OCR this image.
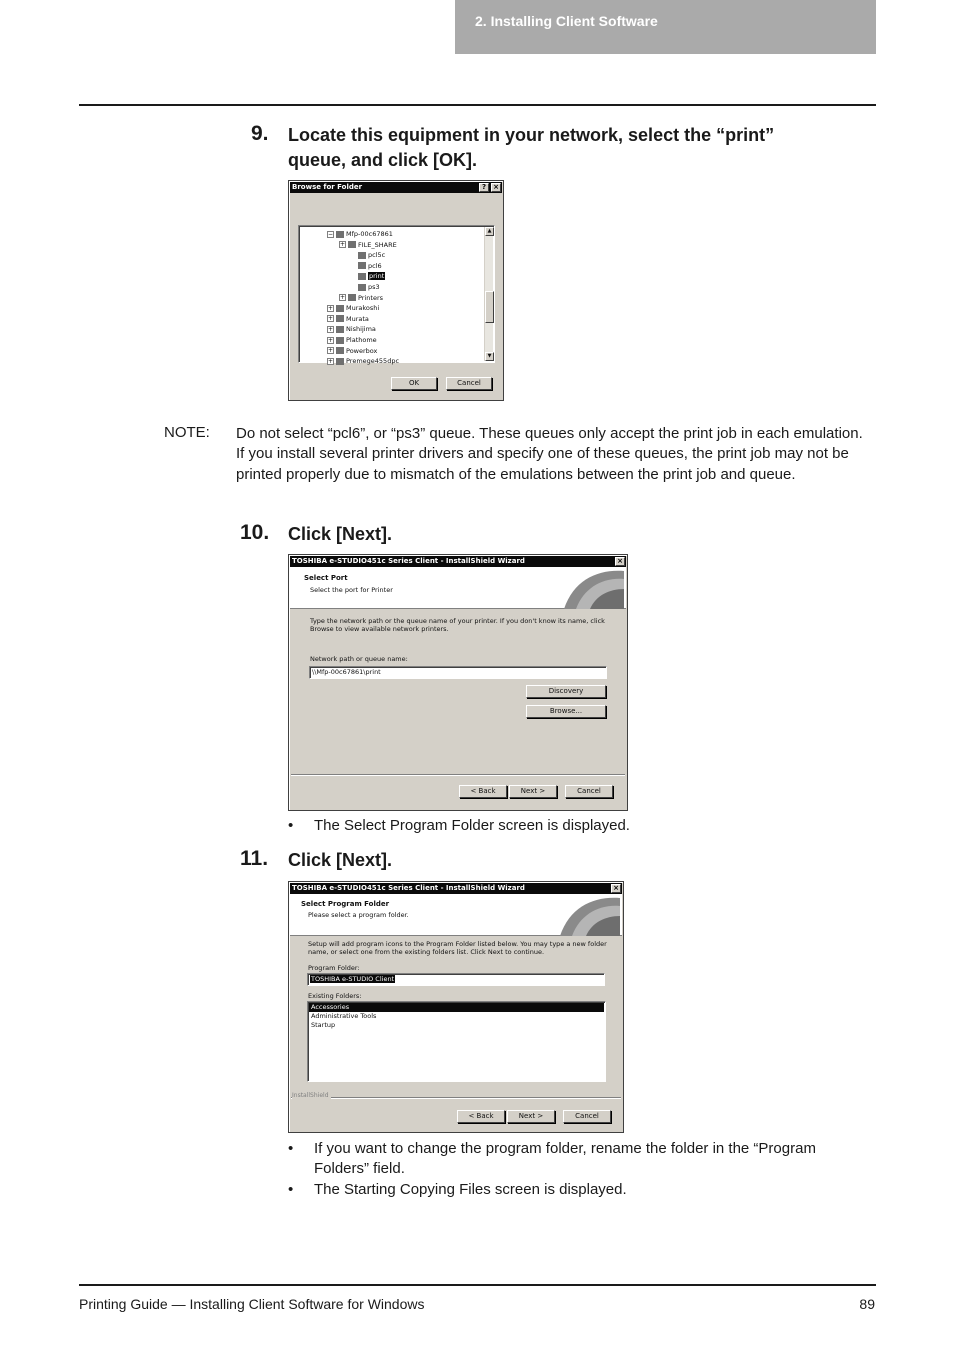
2. Installing Client Software
9. Locate this equipment in your network, select the “print”
queue, and click [OK].
Browse for Folder	?	×
− Mfp-00c67861
+ FILE_SHARE
pcl5c
pcl6
print
ps3
+ Printers
+ Murakoshi
+ Murata
+ Nishijima
+ Plathome
+ Powerbox
+ Premege455dpc
▲
▼
OK	Cancel
NOTE: Do not select “pcl6”, or “ps3” queue. These queues only accept the print job in each emulation. If you install several printer drivers and specify one of these queues, the print job may not be printed properly due to mismatch of the emulations between the print job and queue.
10. Click [Next].
TOSHIBA e-STUDIO451c Series Client - InstallShield Wizard	×
Select Port
Select the port for Printer
Type the network path or the queue name of your printer. If you don't know its name, click
Browse to view available network printers.
Network path or queue name:
\\Mfp-00c67861\print
Discovery
Browse...
< Back	Next >	Cancel
• The Select Program Folder screen is displayed.
11. Click [Next].
TOSHIBA e-STUDIO451c Series Client - InstallShield Wizard	×
Select Program Folder
Please select a program folder.
Setup will add program icons to the Program Folder listed below. You may type a new folder
name, or select one from the existing folders list. Click Next to continue.
Program Folder:
TOSHIBA e-STUDIO Client
Existing Folders:
Accessories
Administrative Tools
Startup
InstallShield
< Back	Next >	Cancel
• If you want to change the program folder, rename the folder in the “Program
Folders” field.
• The Starting Copying Files screen is displayed.
Printing Guide — Installing Client Software for Windows	89
